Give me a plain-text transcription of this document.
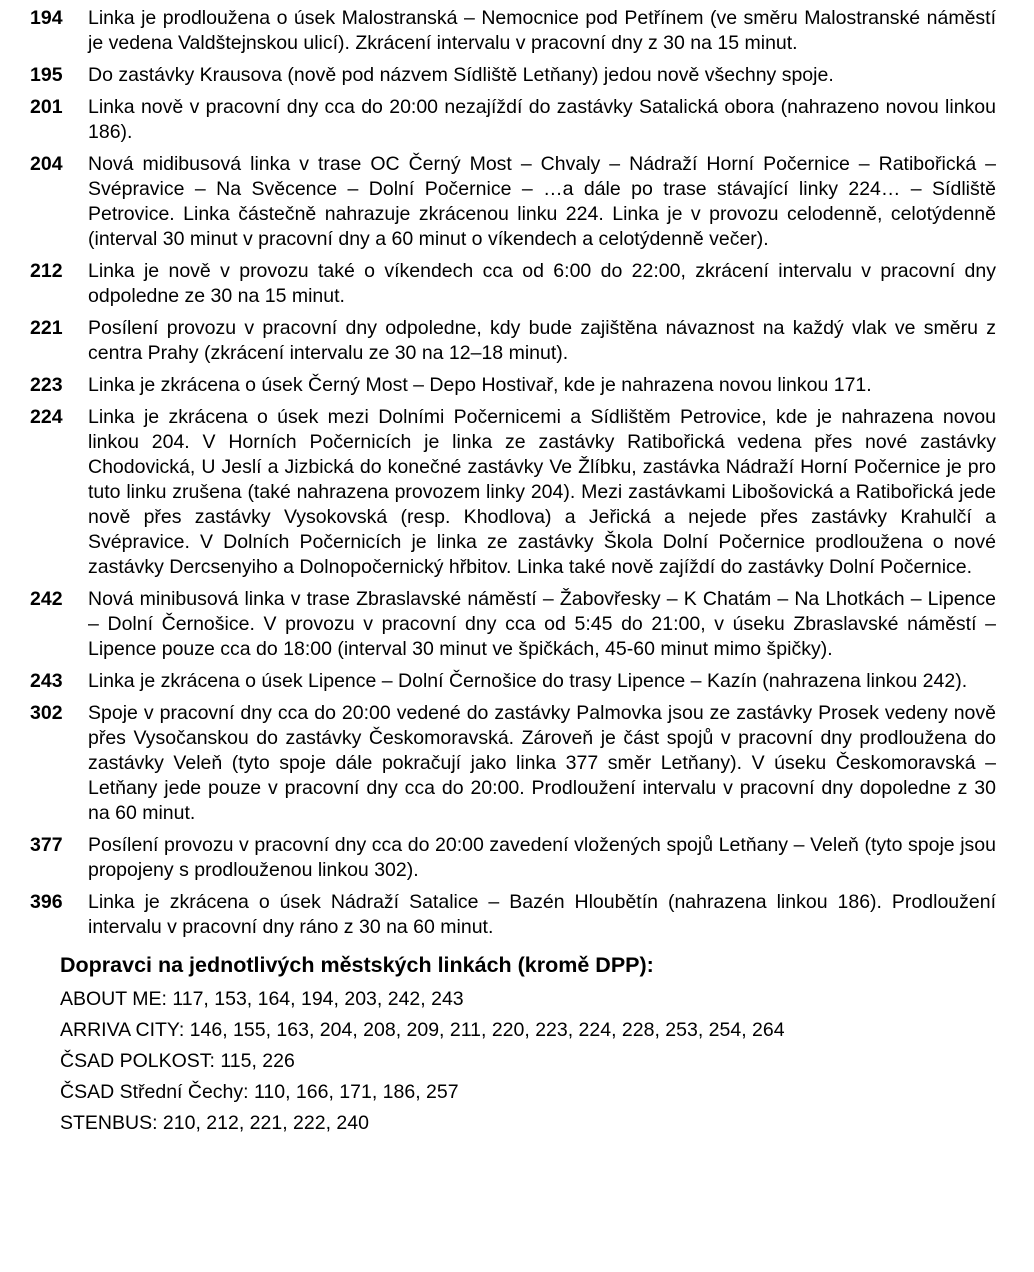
194	Linka je prodloužena o úsek Malostranská – Nemocnice pod Petřínem (ve směru Malostranské náměstí je vedena Valdštejnskou ulicí). Zkrácení intervalu v pracovní dny z 30 na 15 minut.

195	Do zastávky Krausova (nově pod názvem Sídliště Letňany) jedou nově všechny spoje.

201	Linka nově v pracovní dny cca do 20:00 nezajíždí do zastávky Satalická obora (nahrazeno novou linkou 186).

204	Nová midibusová linka v trase OC Černý Most – Chvaly – Nádraží Horní Počernice – Ratibořická – Svépravice – Na Svěcence – Dolní Počernice – …a dále po trase stávající linky 224… – Sídliště Petrovice. Linka částečně nahrazuje zkrácenou linku 224. Linka je v provozu celodenně, celotýdenně (interval 30 minut v pracovní dny a 60 minut o víkendech a celotýdenně večer).

212	Linka je nově v provozu také o víkendech cca od 6:00 do 22:00, zkrácení intervalu v pracovní dny odpoledne ze 30 na 15 minut.

221	Posílení provozu v pracovní dny odpoledne, kdy bude zajištěna návaznost na každý vlak ve směru z centra Prahy (zkrácení intervalu ze 30 na 12–18 minut).

223	Linka je zkrácena o úsek Černý Most – Depo Hostivař, kde je nahrazena novou linkou 171.

224	Linka je zkrácena o úsek mezi Dolními Počernicemi a Sídlištěm Petrovice, kde je nahrazena novou linkou 204. V Horních Počernicích je linka ze zastávky Ratibořická vedena přes nové zastávky Chodovická, U Jeslí a Jizbická do konečné zastávky Ve Žlíbku, zastávka Nádraží Horní Počernice je pro tuto linku zrušena (také nahrazena provozem linky 204). Mezi zastávkami Libošovická a Ratibořická jede nově přes zastávky Vysokovská (resp. Khodlova) a Jeřická a nejede přes zastávky Krahulčí a Svépravice. V Dolních Počernicích je linka ze zastávky Škola Dolní Počernice prodloužena o nové zastávky Dercsenyiho a Dolnopočernický hřbitov. Linka také nově zajíždí do zastávky Dolní Počernice.

242	Nová minibusová linka v trase Zbraslavské náměstí – Žabovřesky – K Chatám – Na Lhotkách – Lipence – Dolní Černošice. V provozu v pracovní dny cca od 5:45 do 21:00, v úseku Zbraslavské náměstí – Lipence pouze cca do 18:00 (interval 30 minut ve špičkách, 45-60 minut mimo špičky).

243	Linka je zkrácena o úsek Lipence – Dolní Černošice do trasy Lipence – Kazín (nahrazena linkou 242).

302	Spoje v pracovní dny cca do 20:00 vedené do zastávky Palmovka jsou ze zastávky Prosek vedeny nově přes Vysočanskou do zastávky Českomoravská. Zároveň je část spojů v pracovní dny prodloužena do zastávky Veleň (tyto spoje dále pokračují jako linka 377 směr Letňany). V úseku Českomoravská – Letňany jede pouze v pracovní dny cca do 20:00. Prodloužení intervalu v pracovní dny dopoledne z 30 na 60 minut.

377	Posílení provozu v pracovní dny cca do 20:00 zavedení vložených spojů Letňany – Veleň (tyto spoje jsou propojeny s prodlouženou linkou 302).

396	Linka je zkrácena o úsek Nádraží Satalice – Bazén Hloubětín (nahrazena linkou 186). Prodloužení intervalu v pracovní dny ráno z 30 na 60 minut.

Dopravci na jednotlivých městských linkách (kromě DPP):

ABOUT ME: 117, 153, 164, 194, 203, 242, 243

ARRIVA CITY: 146, 155, 163, 204, 208, 209, 211, 220, 223, 224, 228, 253, 254, 264

ČSAD POLKOST: 115, 226

ČSAD Střední Čechy: 110, 166, 171, 186, 257

STENBUS: 210, 212, 221, 222, 240
